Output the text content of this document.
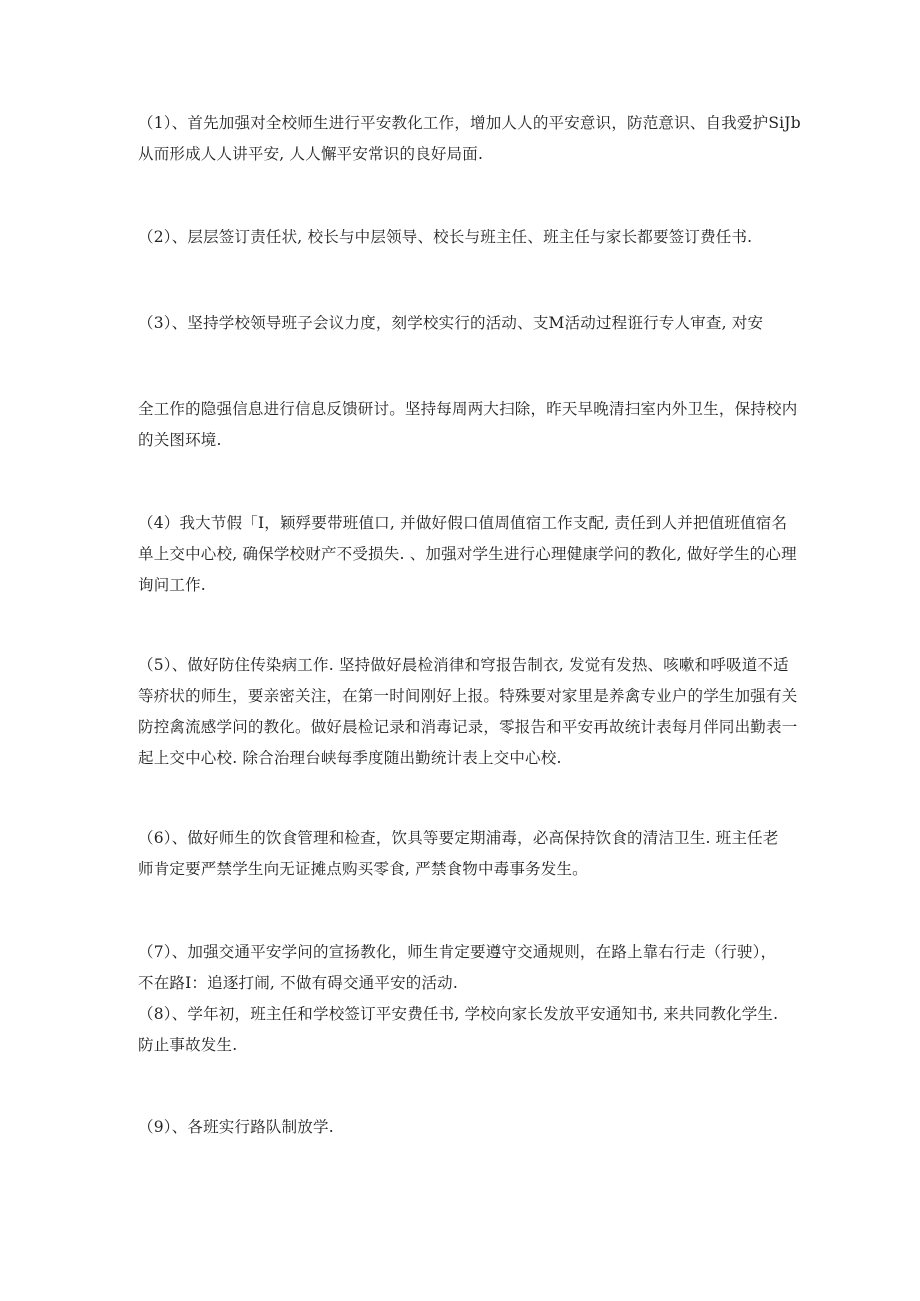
（1）、首先加强对全校师生进行平安教化工作，增加人人的平安意识，防范意识、自我爱护SiJb
从而形成人人讲平安, 人人懈平安常识的良好局面.

（2）、层层签订责任状, 校长与中层领导、校长与班主任、班主任与家长都要签订费任书.

（3）、坚持学校领导班子会议力度，刻学校实行的活动、支M活动过程诳行专人审查, 对安

全工作的隐强信息进行信息反馈研讨。坚持每周两大扫除，昨天早晚清扫室内外卫生，保持校内
的关图环境.

（4）我大节假「I，颖殍要带班值口, 并做好假口值周值宿工作支配, 责任到人并把值班值宿名
单上交中心校, 确保学校财产不受损失. 、加强对学生进行心理健康学问的教化, 做好学生的心理
询问工作.

（5）、做好防住传染病工作. 坚持做好晨检消律和穹报告制衣, 发觉有发热、咳嗽和呼吸道不适
等疥状的师生，要亲密关注，在第一时间刚好上报。特殊要对家里是养禽专业户的学生加强有关
防控禽流感学问的教化。做好晨检记录和消毒记录，零报告和平安再故统计表每月伴同出勤表一
起上交中心校. 除合治理台峡每季度随出勤统计表上交中心校.

（6）、做好师生的饮食管理和检查，饮具等要定期浦毒，必高保持饮食的清洁卫生. 班主任老
师肯定要严禁学生向无证摊点购买零食, 严禁食物中毒事务发生。

（7）、加强交通平安学问的宣扬教化，师生肯定要遵守交通规则，在路上靠右行走（行驶），
不在路I：追逐打闹, 不做有碍交通平安的活动.
（8）、学年初，班主任和学校签订平安费任书, 学校向家长发放平安通知书, 来共同教化学生.
防止事故发生.

（9）、各班实行路队制放学.
